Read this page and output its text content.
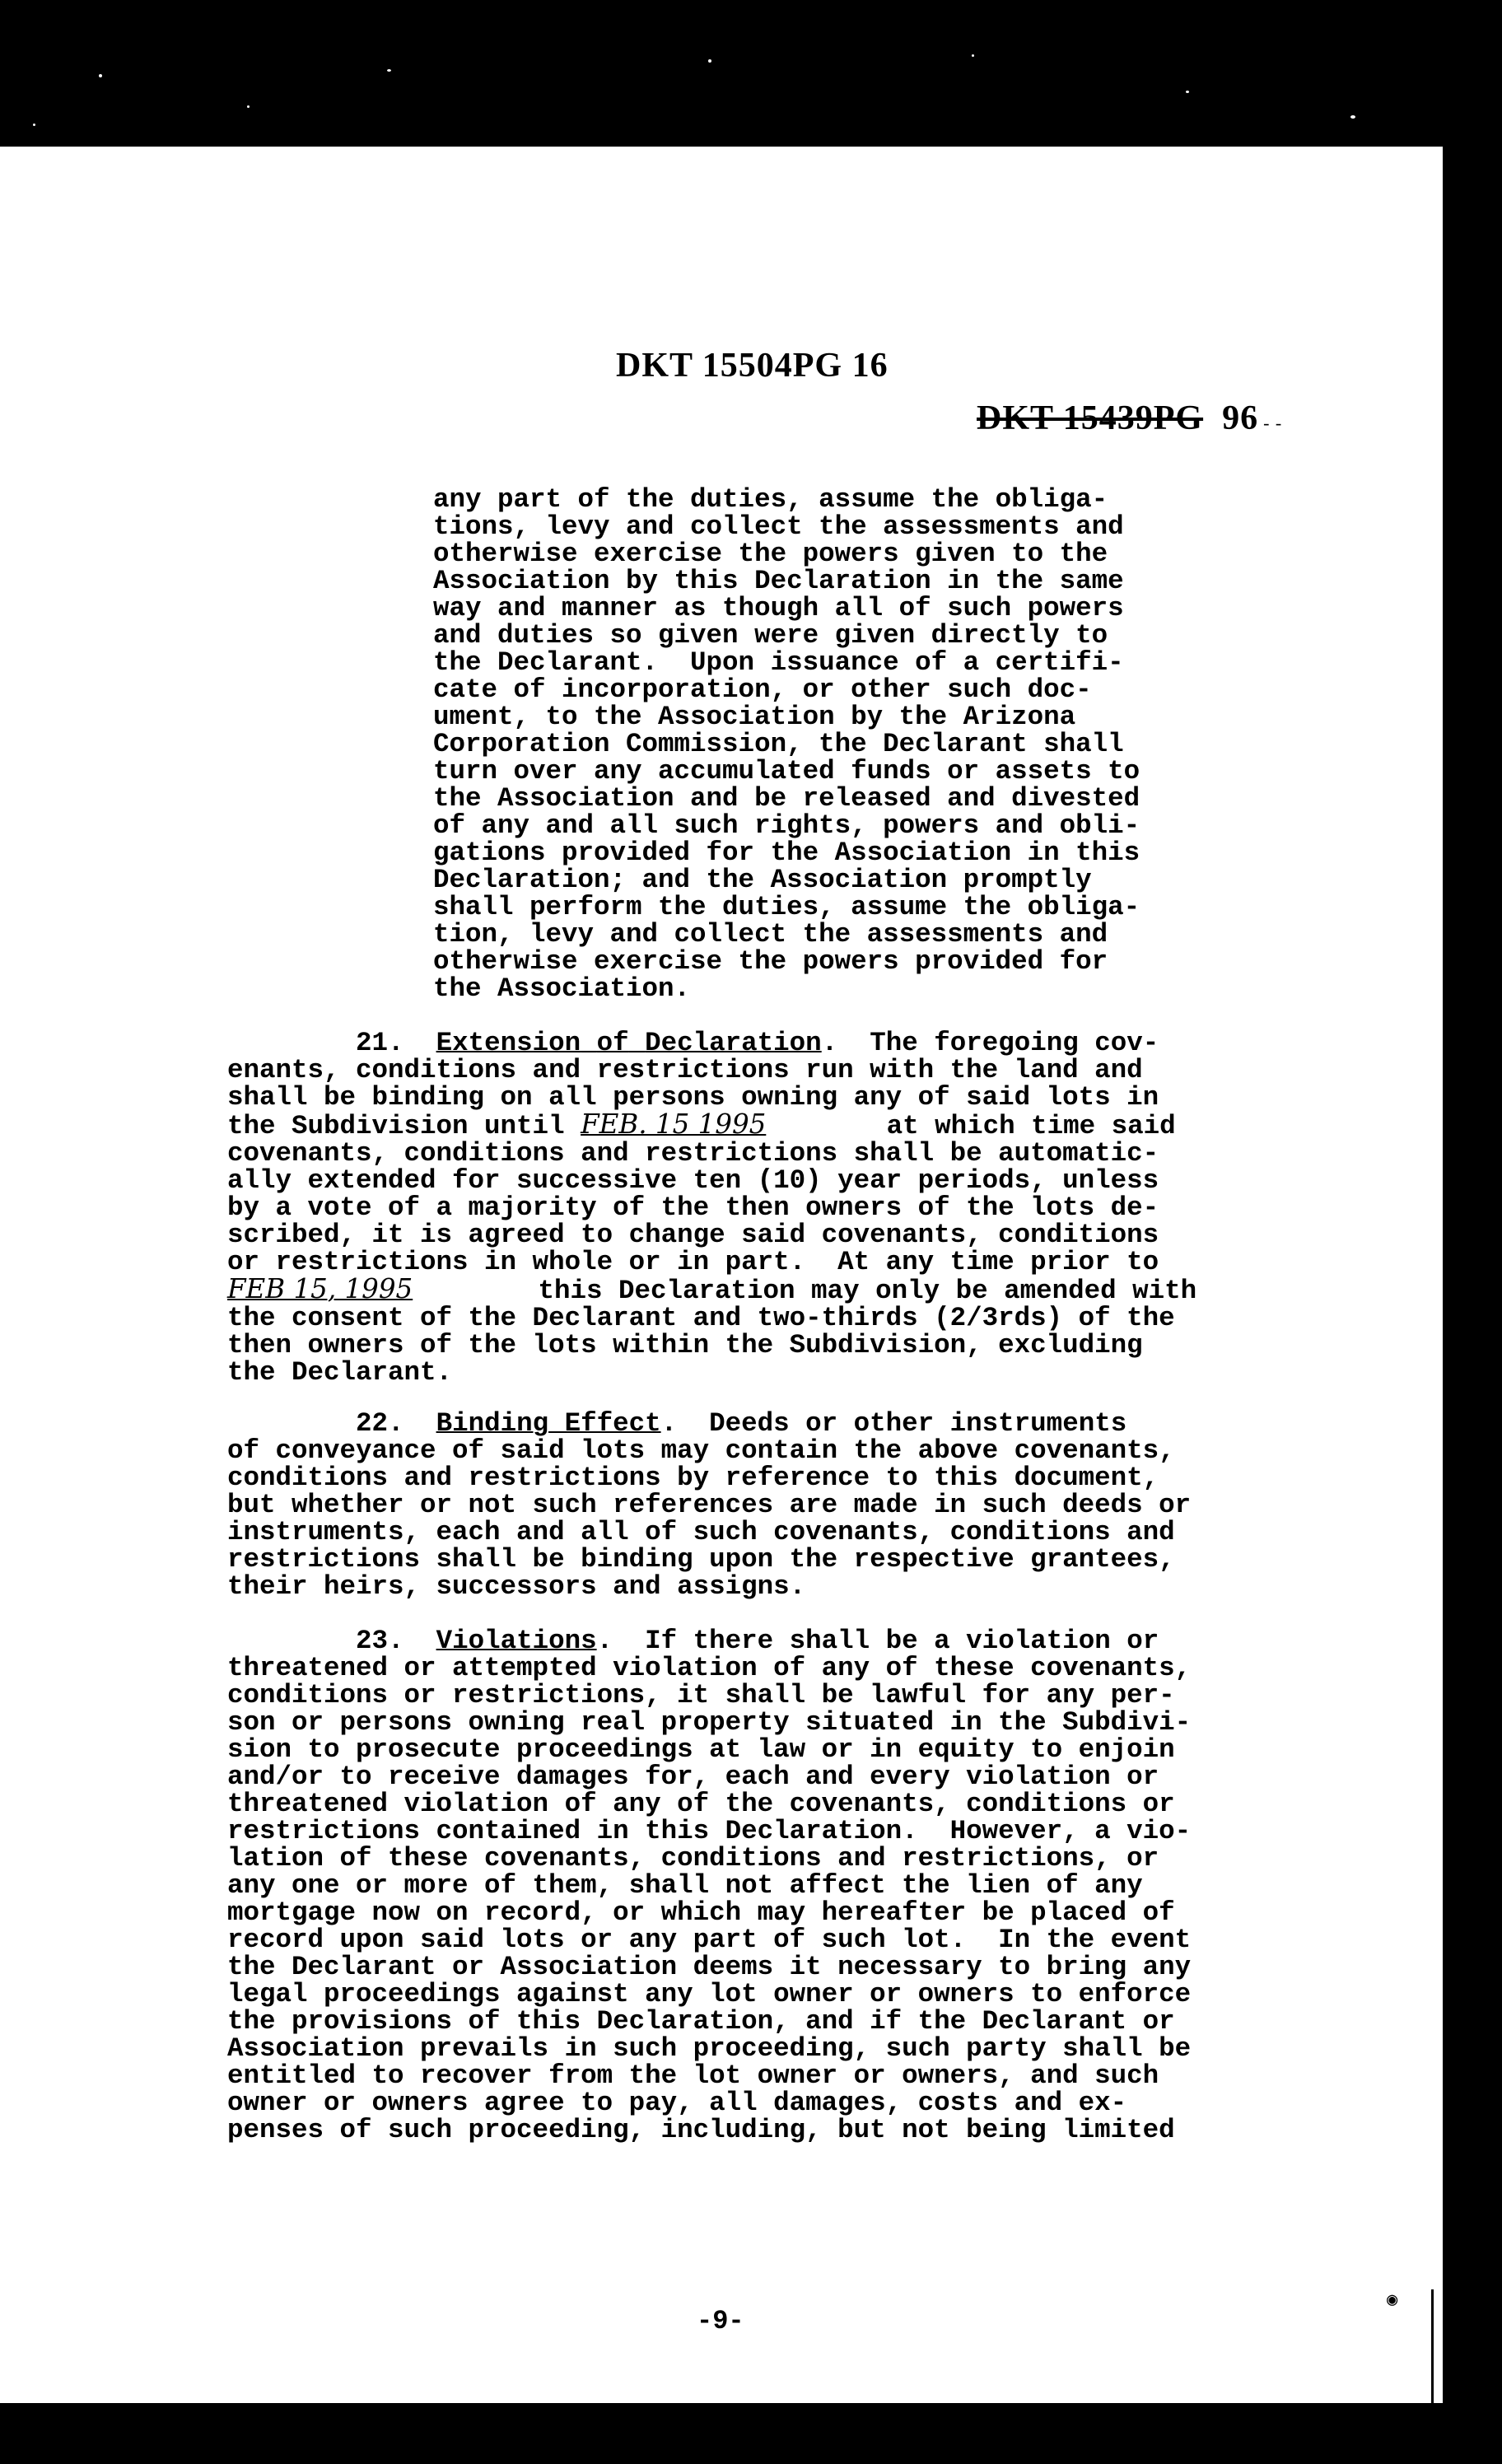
DKT 15504PG 16
DKT 15439PG 96 - -
any part of the duties, assume the obliga-
tions, levy and collect the assessments and
otherwise exercise the powers given to the
Association by this Declaration in the same
way and manner as though all of such powers
and duties so given were given directly to
the Declarant.  Upon issuance of a certifi-
cate of incorporation, or other such doc-
ument, to the Association by the Arizona
Corporation Commission, the Declarant shall
turn over any accumulated funds or assets to
the Association and be released and divested
of any and all such rights, powers and obli-
gations provided for the Association in this
Declaration; and the Association promptly
shall perform the duties, assume the obliga-
tion, levy and collect the assessments and
otherwise exercise the powers provided for
the Association.
21. Extension of Declaration.  The foregoing cov-
enants, conditions and restrictions run with the land and
shall be binding on all persons owning any of said lots in
the Subdivision until FEB. 15 1995	at which time said
covenants, conditions and restrictions shall be automatic-
ally extended for successive ten (10) year periods, unless
by a vote of a majority of the then owners of the lots de-
scribed, it is agreed to change said covenants, conditions
or restrictions in whole or in part.  At any time prior to
FEB 15, 1995	this Declaration may only be amended with
the consent of the Declarant and two-thirds (2/3rds) of the
then owners of the lots within the Subdivision, excluding
the Declarant.
22. Binding Effect.  Deeds or other instruments
of conveyance of said lots may contain the above covenants,
conditions and restrictions by reference to this document,
but whether or not such references are made in such deeds or
instruments, each and all of such covenants, conditions and
restrictions shall be binding upon the respective grantees,
their heirs, successors and assigns.
23. Violations.  If there shall be a violation or
threatened or attempted violation of any of these covenants,
conditions or restrictions, it shall be lawful for any per-
son or persons owning real property situated in the Subdivi-
sion to prosecute proceedings at law or in equity to enjoin
and/or to receive damages for, each and every violation or
threatened violation of any of the covenants, conditions or
restrictions contained in this Declaration.  However, a vio-
lation of these covenants, conditions and restrictions, or
any one or more of them, shall not affect the lien of any
mortgage now on record, or which may hereafter be placed of
record upon said lots or any part of such lot.  In the event
the Declarant or Association deems it necessary to bring any
legal proceedings against any lot owner or owners to enforce
the provisions of this Declaration, and if the Declarant or
Association prevails in such proceeding, such party shall be
entitled to recover from the lot owner or owners, and such
owner or owners agree to pay, all damages, costs and ex-
penses of such proceeding, including, but not being limited
-9-
◉
